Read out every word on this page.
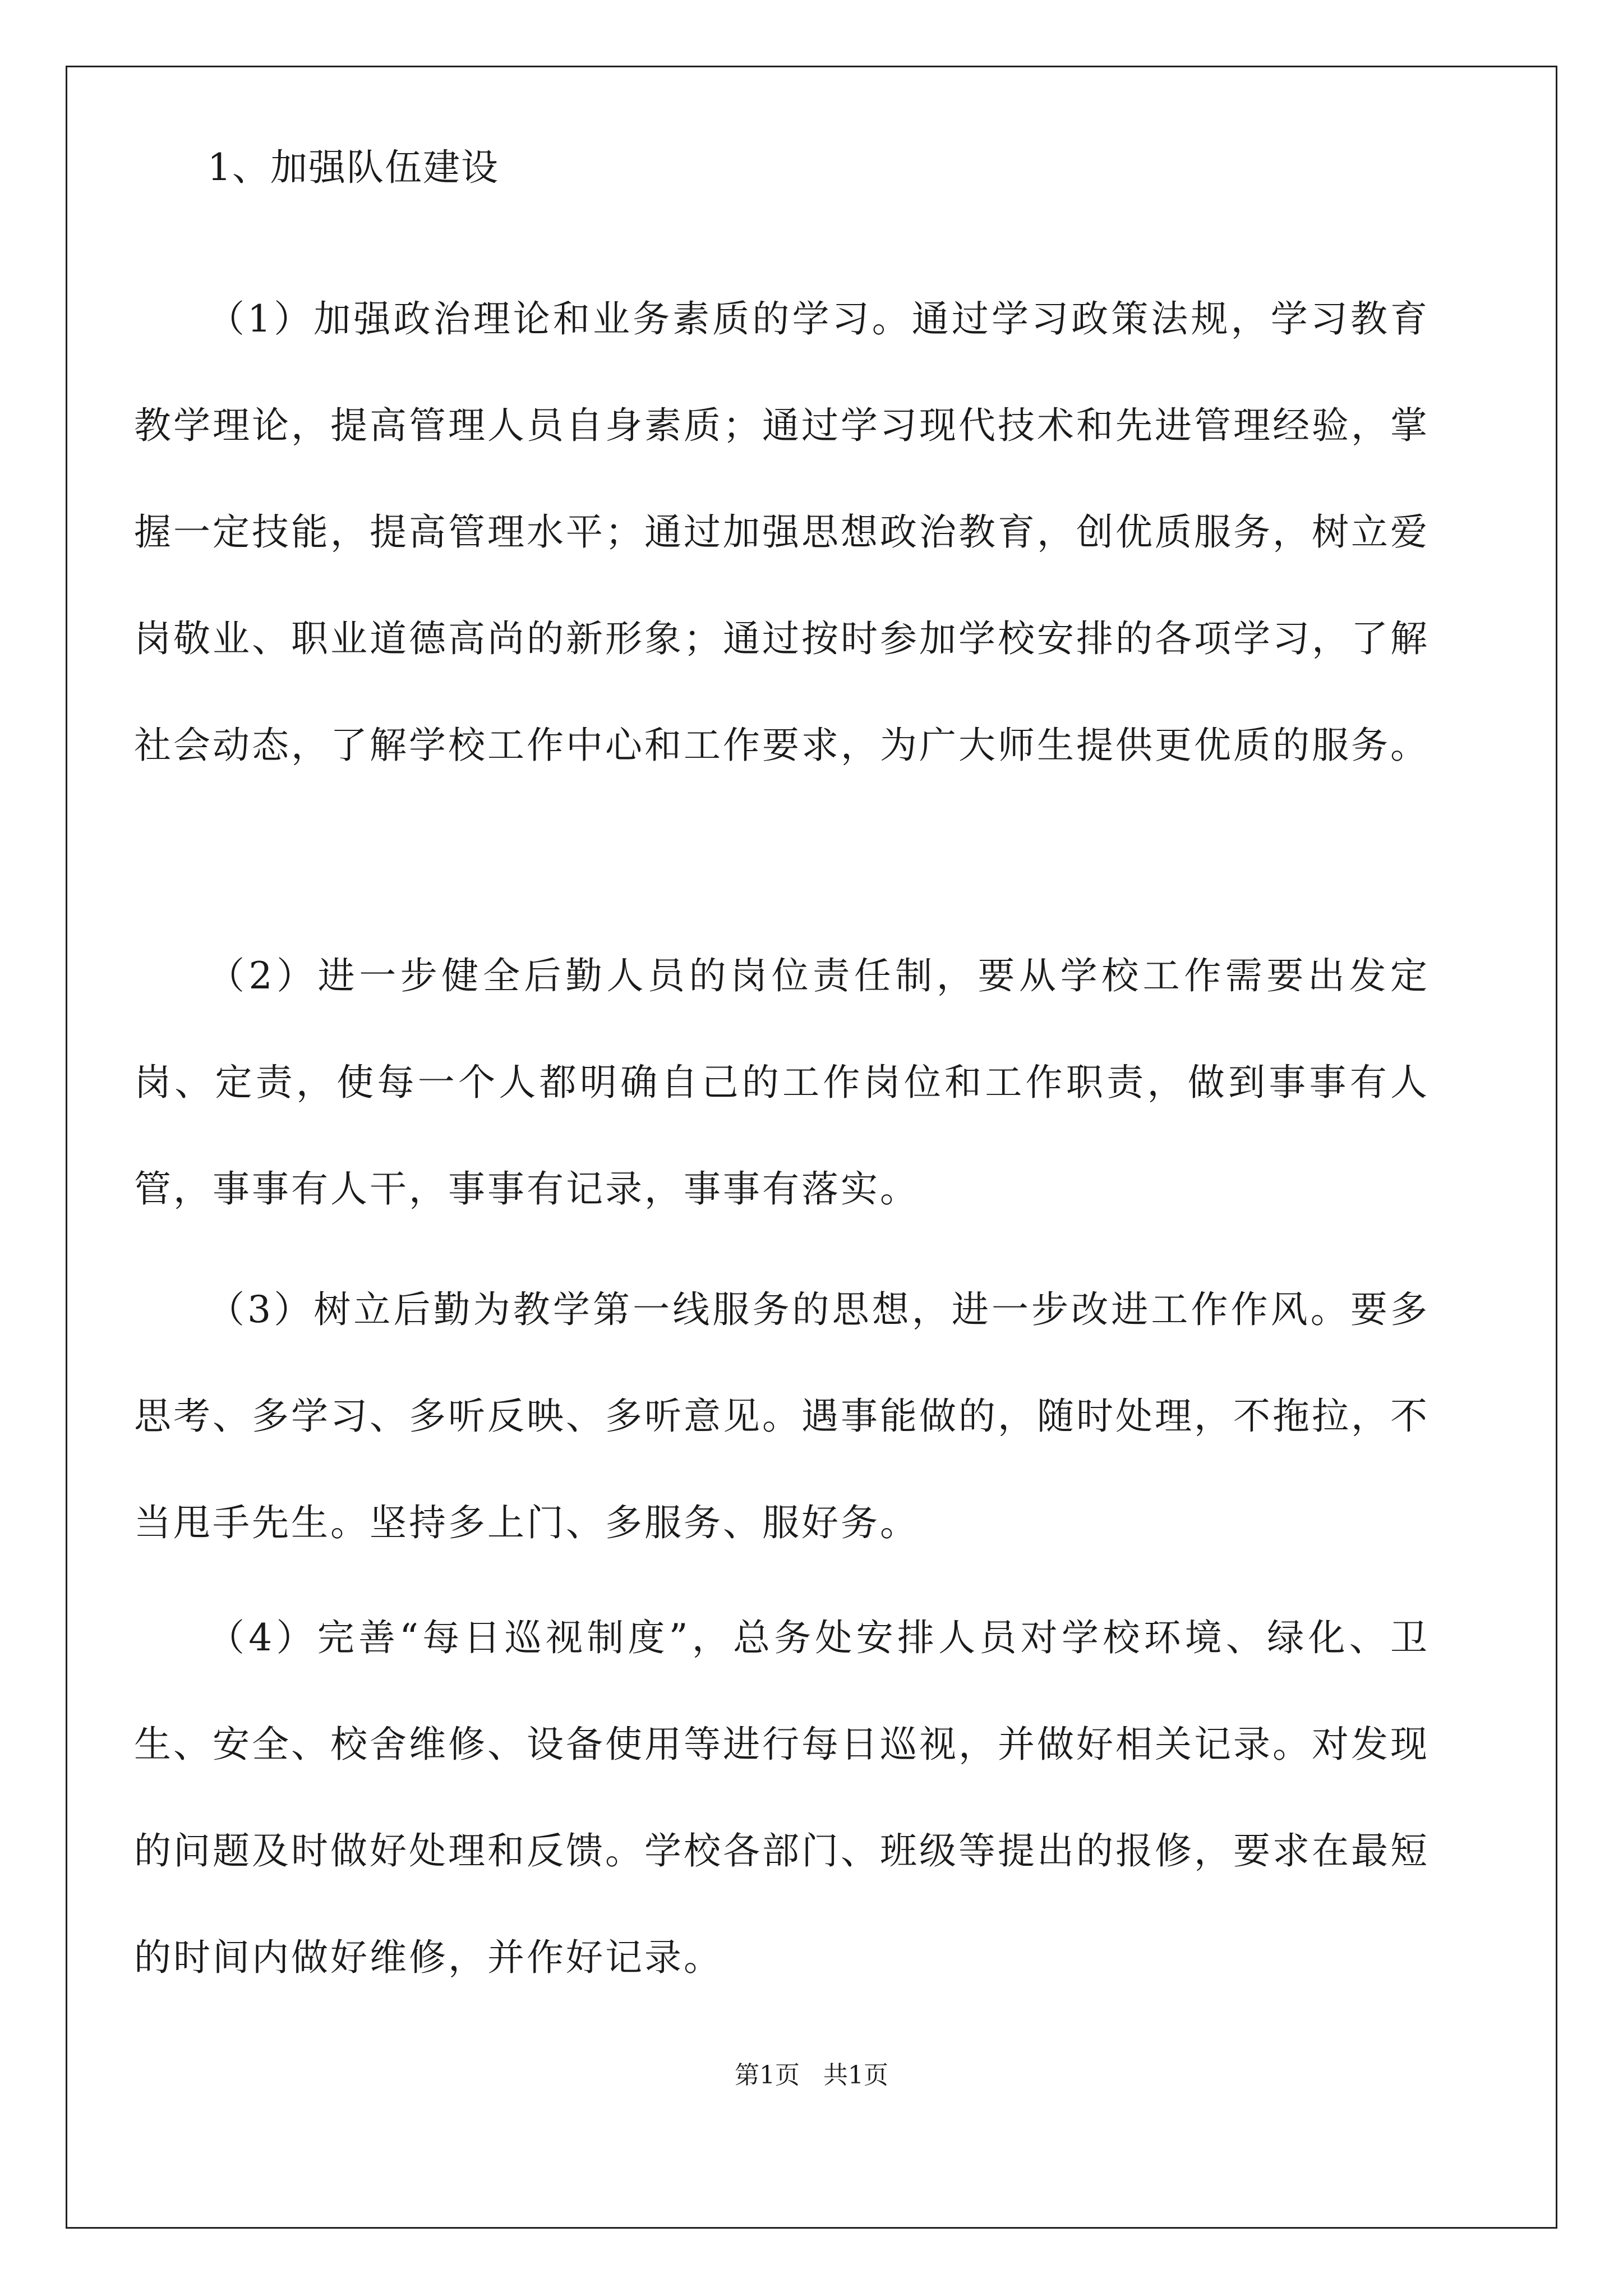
1、加强队伍建设

（1）加强政治理论和业务素质的学习。通过学习政策法规，学习教育教学理论，提高管理人员自身素质；通过学习现代技术和先进管理经验，掌握一定技能，提高管理水平；通过加强思想政治教育，创优质服务，树立爱岗敬业、职业道德高尚的新形象；通过按时参加学校安排的各项学习，了解社会动态，了解学校工作中心和工作要求，为广大师生提供更优质的服务。

（2）进一步健全后勤人员的岗位责任制，要从学校工作需要出发定岗、定责，使每一个人都明确自己的工作岗位和工作职责，做到事事有人管，事事有人干，事事有记录，事事有落实。

（3）树立后勤为教学第一线服务的思想，进一步改进工作作风。要多思考、多学习、多听反映、多听意见。遇事能做的，随时处理，不拖拉，不当甩手先生。坚持多上门、多服务、服好务。

（4）完善“每日巡视制度”，总务处安排人员对学校环境、绿化、卫生、安全、校舍维修、设备使用等进行每日巡视，并做好相关记录。对发现的问题及时做好处理和反馈。学校各部门、班级等提出的报修，要求在最短的时间内做好维修，并作好记录。

第1页   共1页
